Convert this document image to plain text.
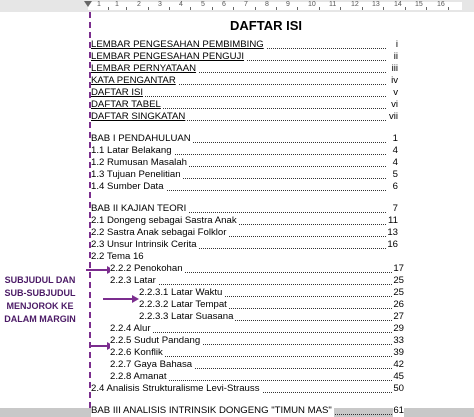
1 1	2 3 4	5 6	7 8 9	10 11 12 13 14 15 16
DAFTAR ISI
LEMBAR PENGESAHAN PEMBIMBING	i
LEMBAR PENGESAHAN PENGUJI	ii
LEMBAR PERNYATAAN	iii
KATA PENGANTAR	iv
DAFTAR ISI	v
DAFTAR TABEL	vi
DAFTAR SINGKATAN	vii
BAB I PENDAHULUAN	1
1.1 Latar Belakang	4
1.2 Rumusan Masalah	4
1.3 Tujuan Penelitian	5
1.4 Sumber Data	6
BAB II KAJIAN TEORI	7
2.1 Dongeng sebagai Sastra Anak	11
2.2 Sastra Anak sebagai Folklor	13
2.3 Unsur Intrinsik Cerita	16
2.2 Tema 16
2.2.2 Penokohan	17
2.2.3 Latar	25
2.2.3.1 Latar Waktu	25
2.2.3.2 Latar Tempat	26
2.2.3.3 Latar Suasana	27
2.2.4 Alur	29
2.2.5 Sudut Pandang	33
2.2.6 Konflik	39
2.2.7 Gaya Bahasa	42
2.2.8 Amanat	45
2.4 Analisis Strukturalisme Levi-Strauss	50
BAB III ANALISIS INTRINSIK DONGENG "TIMUN MAS"	61
SUBJUDUL DAN SUB-SUBJUDUL MENJOROK KE DALAM MARGIN
